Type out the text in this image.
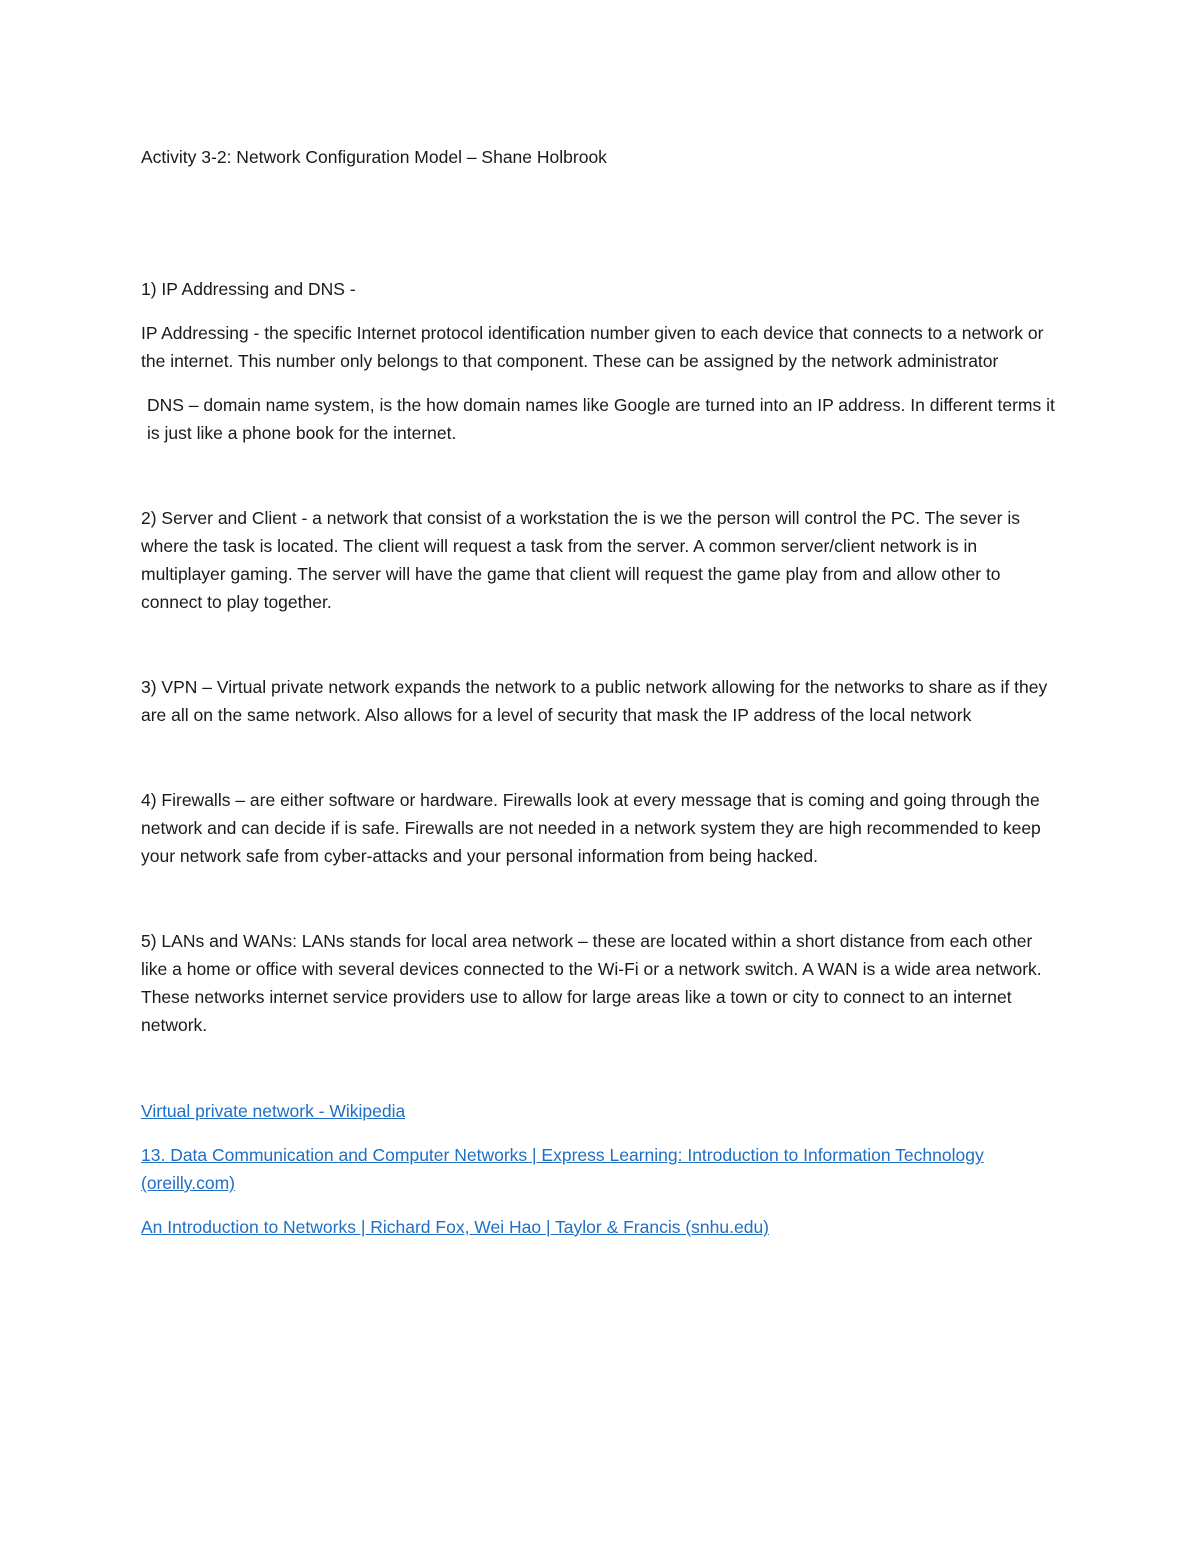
Activity 3-2: Network Configuration Model – Shane Holbrook

1) IP Addressing and DNS -

IP Addressing - the specific Internet protocol identification number given to each device that connects to a network or the internet. This number only belongs to that component. These can be assigned by the network administrator

DNS – domain name system, is the how domain names like Google are turned into an IP address. In different terms it is just like a phone book for the internet.

2) Server and Client - a network that consist of a workstation the is we the person will control the PC. The sever is where the task is located. The client will request a task from the server. A common server/client network is in multiplayer gaming. The server will have the game that client will request the game play from and allow other to connect to play together.

3) VPN – Virtual private network expands the network to a public network allowing for the networks to share as if they are all on the same network. Also allows for a level of security that mask the IP address of the local network

4) Firewalls – are either software or hardware. Firewalls look at every message that is coming and going through the network and can decide if is safe. Firewalls are not needed in a network system they are high recommended to keep your network safe from cyber-attacks and your personal information from being hacked.

5) LANs and WANs: LANs stands for local area network – these are located within a short distance from each other like a home or office with several devices connected to the Wi-Fi or a network switch. A WAN is a wide area network. These networks internet service providers use to allow for large areas like a town or city to connect to an internet network.

Virtual private network - Wikipedia
13. Data Communication and Computer Networks | Express Learning: Introduction to Information Technology (oreilly.com)
An Introduction to Networks | Richard Fox, Wei Hao | Taylor & Francis (snhu.edu)
